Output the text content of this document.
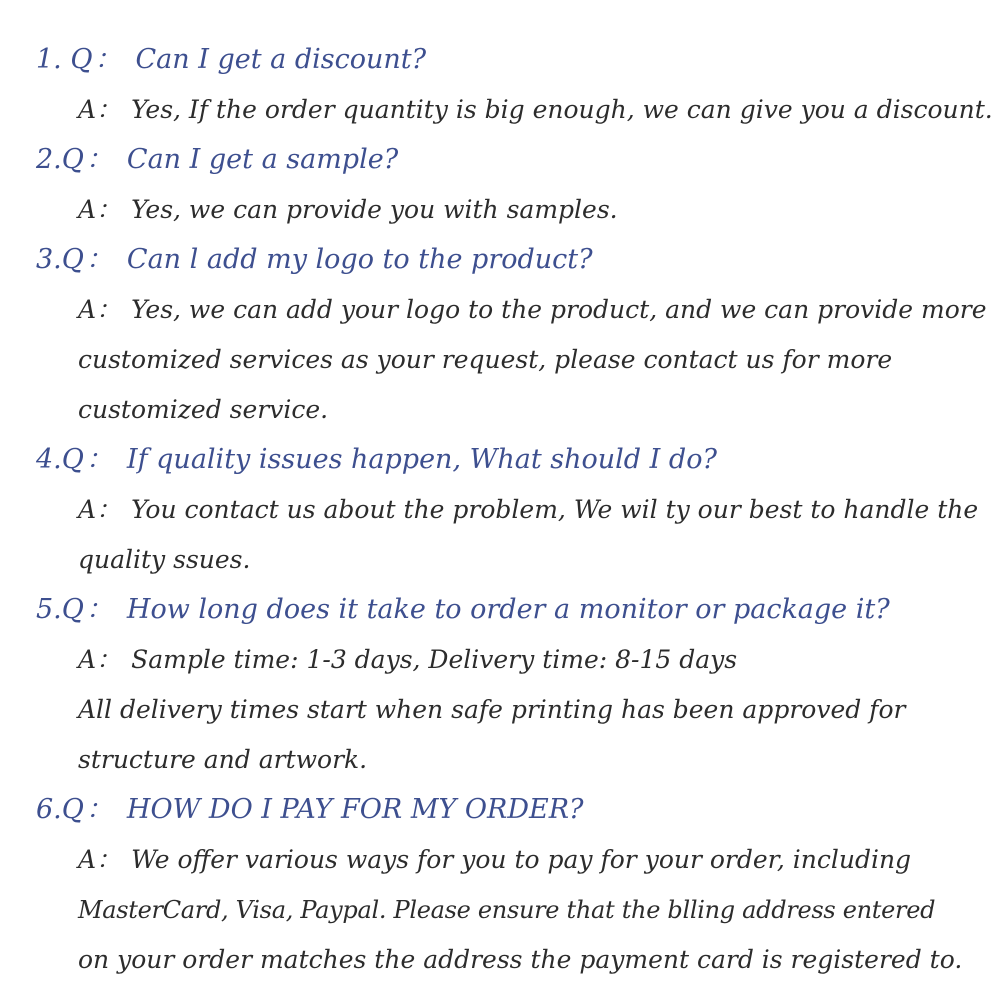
1. Q： Can I get a discount?
A： Yes, If the order quantity is big enough, we can give you a discount.
2.Q： Can I get a sample?
A： Yes, we can provide you with samples.
3.Q： Can l add my logo to the product?
A： Yes, we can add your logo to the product, and we can provide more
customized services as your request, please contact us for more
customized service.
4.Q： If quality issues happen, What should I do?
A： You contact us about the problem, We wil ty our best to handle the
quality ssues.
5.Q： How long does it take to order a monitor or package it?
A： Sample time: 1-3 days, Delivery time: 8-15 days
All delivery times start when safe printing has been approved for
structure and artwork.
6.Q： HOW DO I PAY FOR MY ORDER?
A： We offer various ways for you to pay for your order, including
MasterCard, Visa, Paypal. Please ensure that the blling address entered
on your order matches the address the payment card is registered to.
